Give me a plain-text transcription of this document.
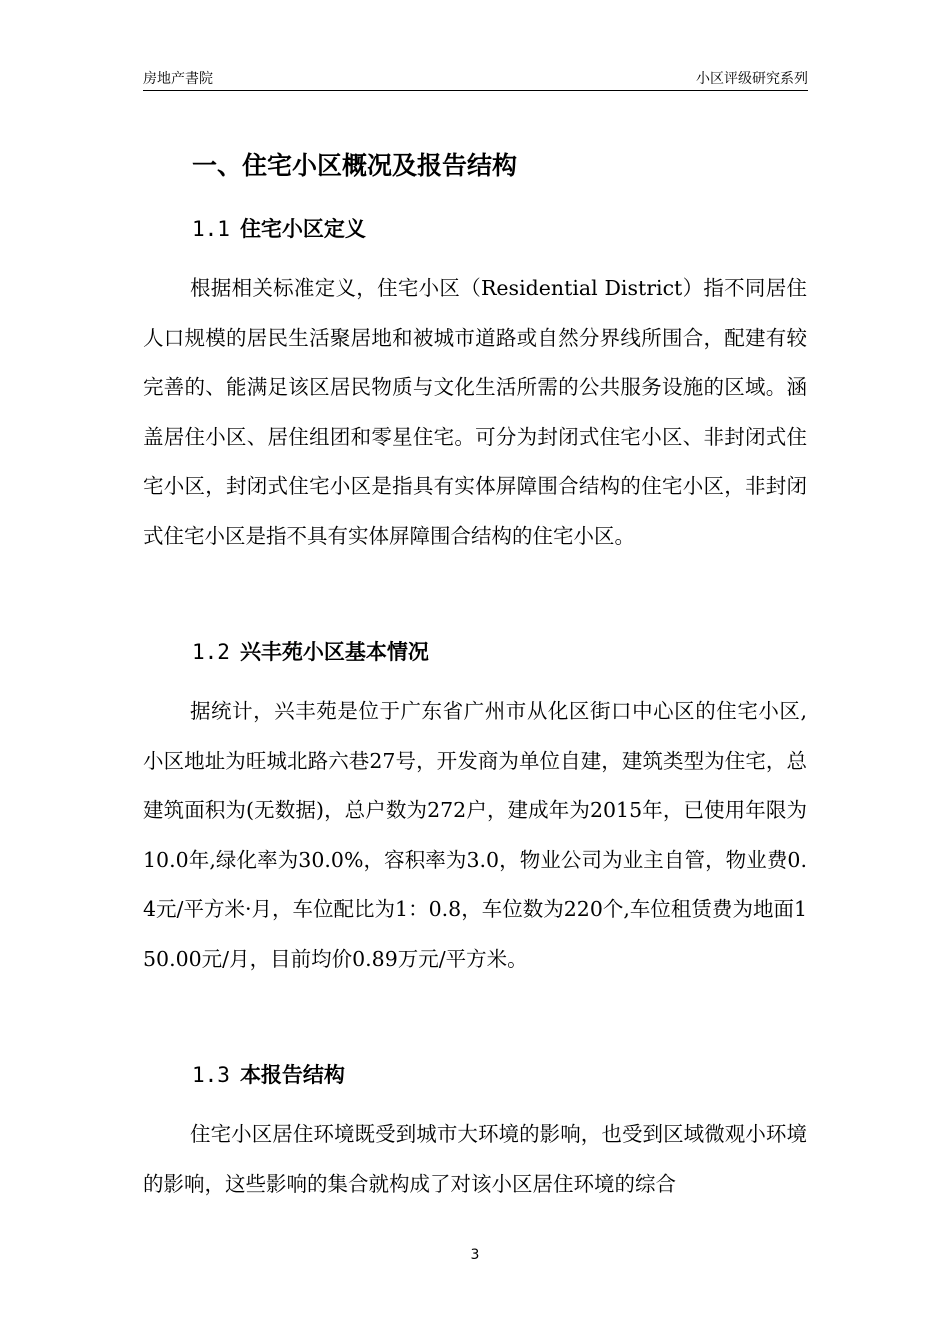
房地产書院	小区评级研究系列
一、住宅小区概况及报告结构
1.1 住宅小区定义

根据相关标准定义，住宅小区（Residential District）指不同居住人口规模的居民生活聚居地和被城市道路或自然分界线所围合，配建有较完善的、能满足该区居民物质与文化生活所需的公共服务设施的区域。涵盖居住小区、居住组团和零星住宅。可分为封闭式住宅小区、非封闭式住宅小区，封闭式住宅小区是指具有实体屏障围合结构的住宅小区，非封闭式住宅小区是指不具有实体屏障围合结构的住宅小区。

1.2 兴丰苑小区基本情况

据统计，兴丰苑是位于广东省广州市从化区街口中心区的住宅小区,小区地址为旺城北路六巷27号，开发商为单位自建，建筑类型为住宅，总建筑面积为(无数据)，总户数为272户，建成年为2015年，已使用年限为10.0年,绿化率为30.0%，容积率为3.0，物业公司为业主自管，物业费0.4元/平方米·月，车位配比为1：0.8，车位数为220个,车位租赁费为地面150.00元/月，目前均价0.89万元/平方米。

1.3 本报告结构

住宅小区居住环境既受到城市大环境的影响，也受到区域微观小环境的影响，这些影响的集合就构成了对该小区居住环境的综合

3
